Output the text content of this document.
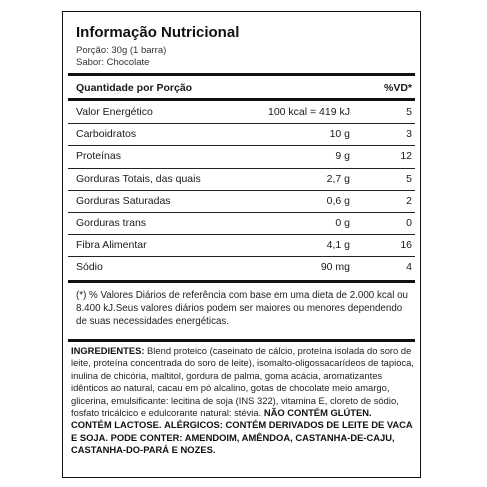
Informação Nutricional
Porção: 30g (1 barra)
Sabor: Chocolate
Quantidade por Porção	%VD*
Valor Energético	100 kcal = 419 kJ	5
Carboidratos	10 g	3
Proteínas	9 g	12
Gorduras Totais, das quais	2,7 g	5
Gorduras Saturadas	0,6 g	2
Gorduras trans	0 g	0
Fibra Alimentar	4,1 g	16
Sódio	90 mg	4
(*) % Valores Diários de referência com base em uma dieta de 2.000 kcal ou 8.400 kJ.Seus valores diários podem ser maiores ou menores dependendo de suas necessidades energéticas.
INGREDIENTES: Blend proteico (caseinato de cálcio, proteína isolada do soro de leite, proteína concentrada do soro de leite), isomalto-oligossacarídeos de tapioca, inulina de chicória, maltitol, gordura de palma, goma acácia, aromatizantes idênticos ao natural, cacau em pó alcalino, gotas de chocolate meio amargo, glicerina, emulsificante: lecitina de soja (INS 322), vitamina E, cloreto de sódio, fosfato tricálcico e edulcorante natural: stévia. NÃO CONTÉM GLÚTEN. CONTÉM LACTOSE. ALÉRGICOS: CONTÉM DERIVADOS DE LEITE DE VACA E SOJA. PODE CONTER: AMENDOIM, AMÊNDOA, CASTANHA-DE-CAJU, CASTANHA-DO-PARÁ E NOZES.
